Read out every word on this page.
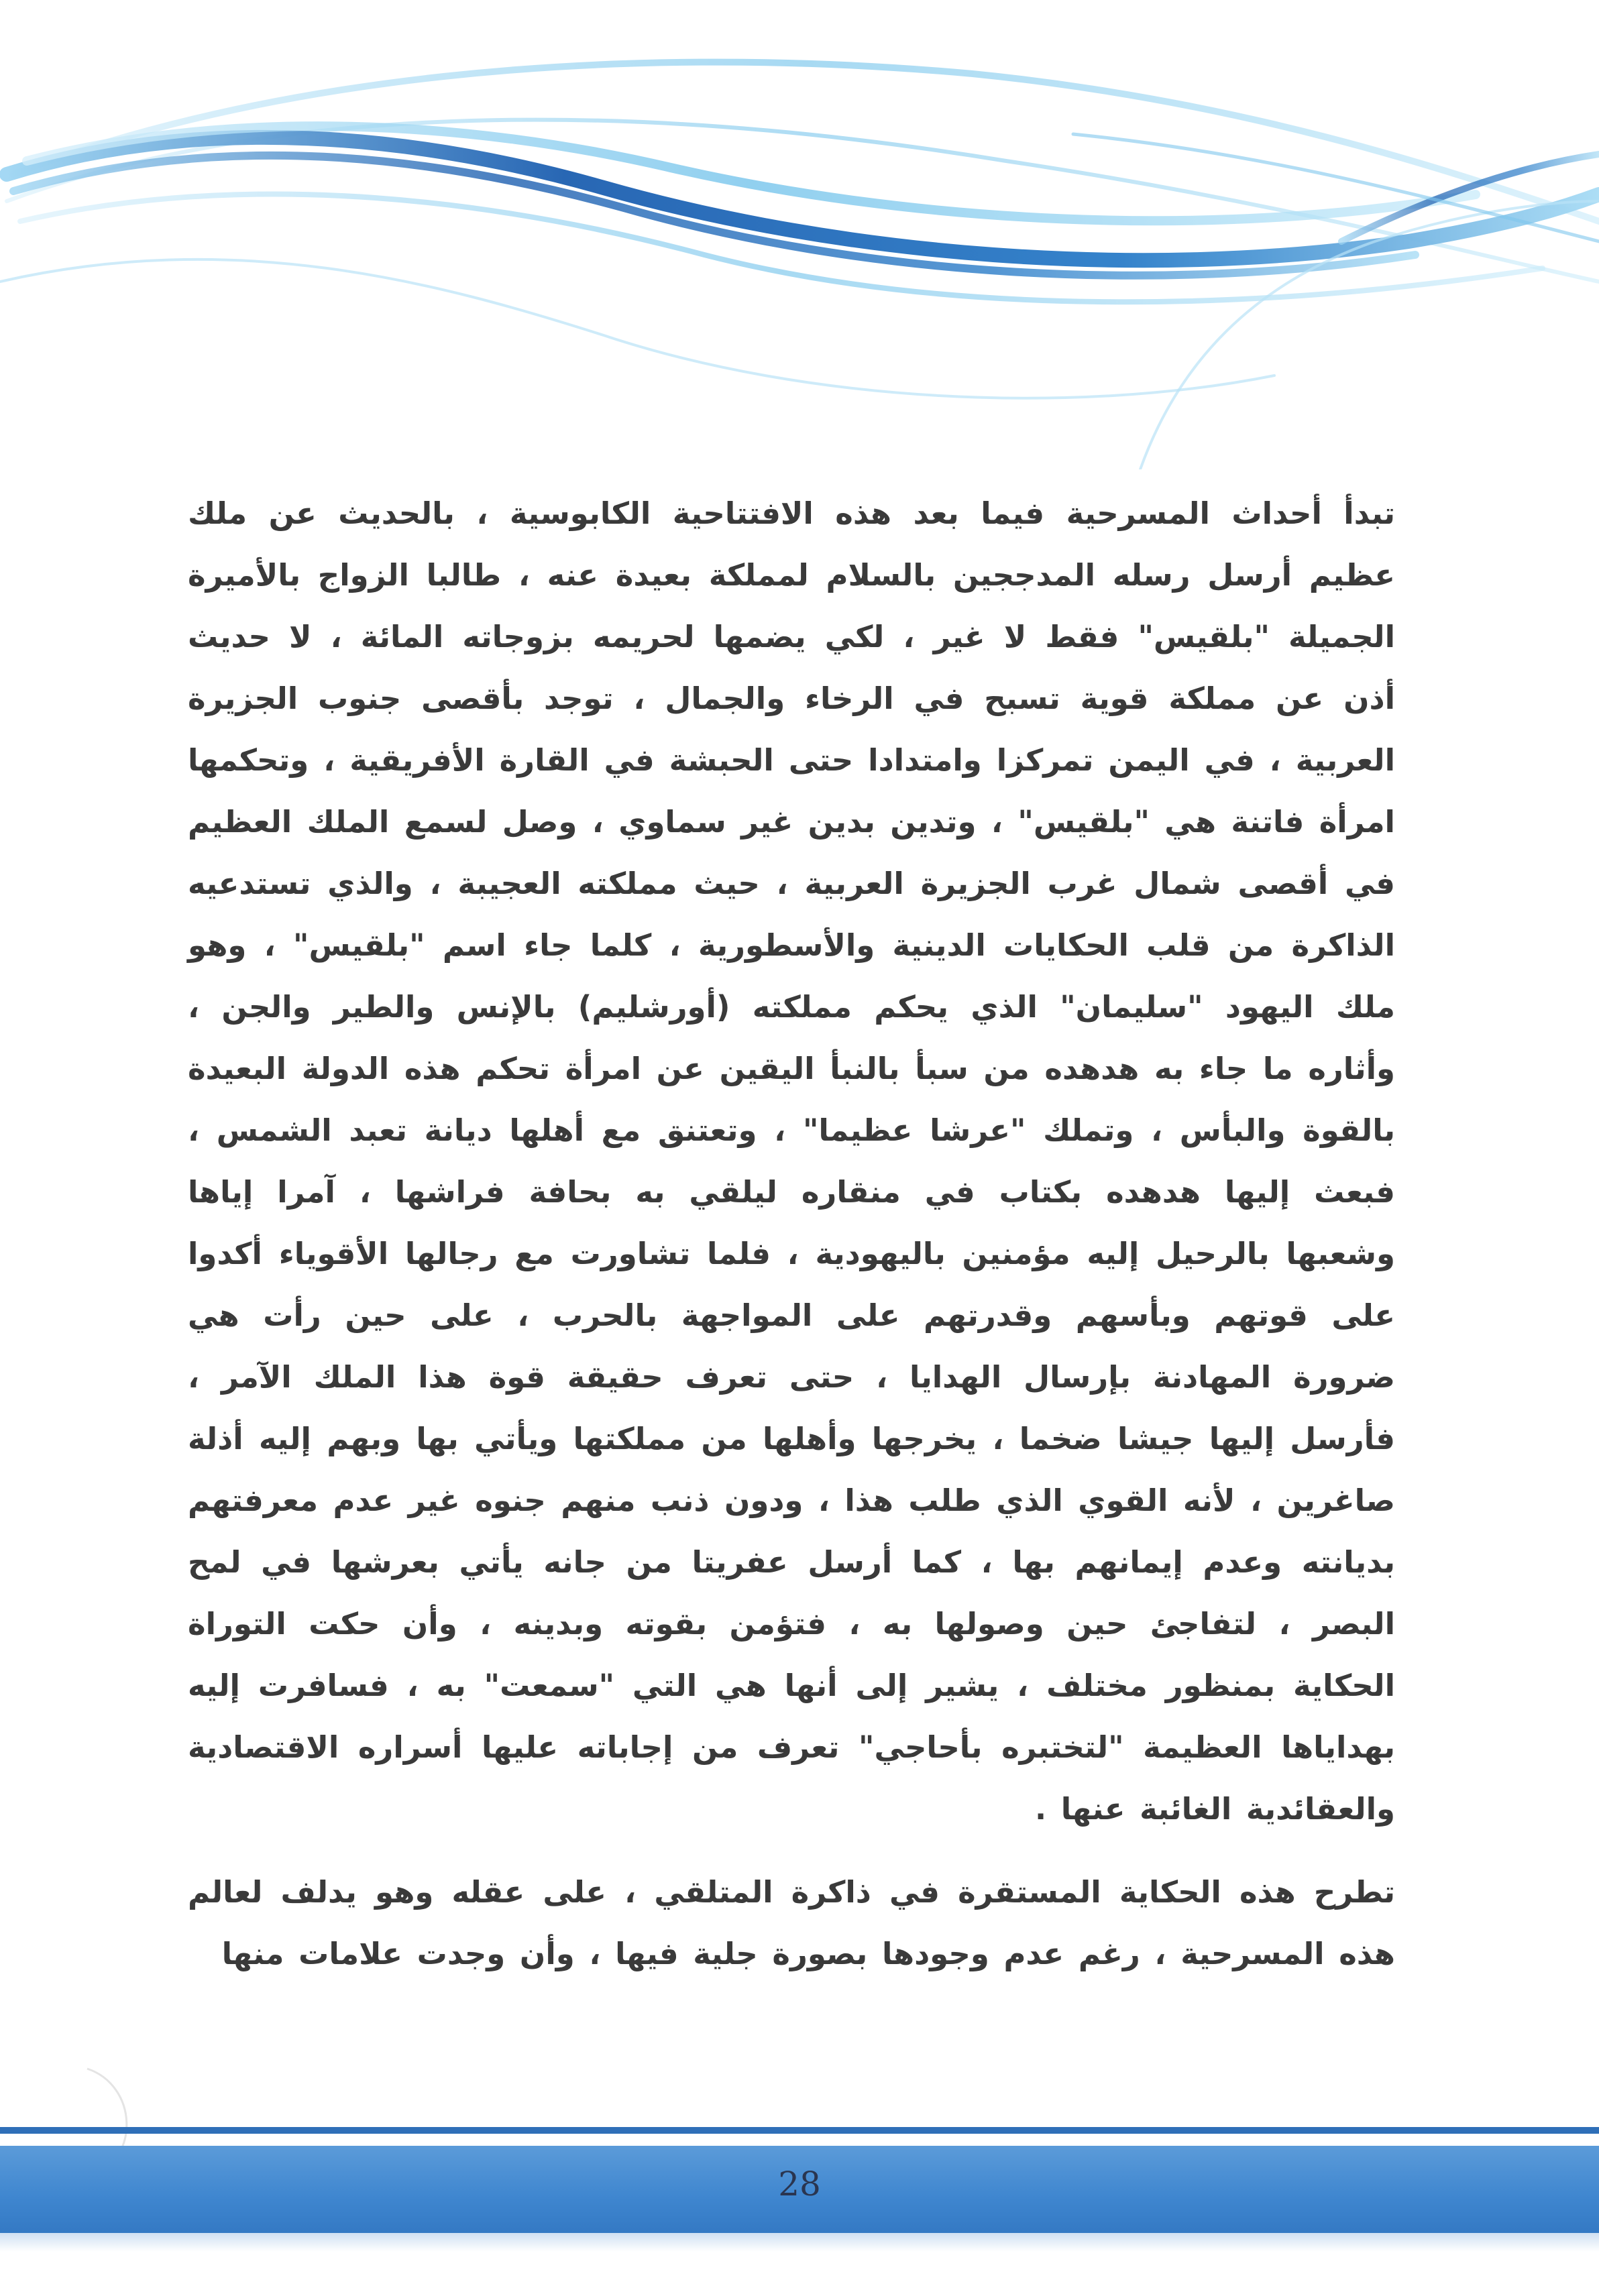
تبدأ أحداث المسرحية فيما بعد هذه الافتتاحية الكابوسية ، بالحديث عن ملك عظيم أرسل رسله المدججين بالسلام لمملكة بعيدة عنه ، طالبا الزواج بالأميرة الجميلة "بلقيس" فقط لا غير ، لكي يضمها لحريمه بزوجاته المائة ، لا حديث أذن عن مملكة قوية تسبح في الرخاء والجمال ، توجد بأقصى جنوب الجزيرة العربية ، في اليمن تمركزا وامتدادا حتى الحبشة في القارة الأفريقية ، وتحكمها امرأة فاتنة هي "بلقيس" ، وتدين بدين غير سماوي ، وصل لسمع الملك العظيم في أقصى شمال غرب الجزيرة العربية ، حيث مملكته العجيبة ، والذي تستدعيه الذاكرة من قلب الحكايات الدينية والأسطورية ، كلما جاء اسم "بلقيس" ، وهو ملك اليهود "سليمان" الذي يحكم مملكته (أورشليم) بالإنس والطير والجن ، وأثاره ما جاء به هدهده من سبأ بالنبأ اليقين عن امرأة تحكم هذه الدولة البعيدة بالقوة والبأس ، وتملك "عرشا عظيما" ، وتعتنق مع أهلها ديانة تعبد الشمس ، فبعث إليها هدهده بكتاب في منقاره ليلقي به بحافة فراشها ، آمرا إياها وشعبها بالرحيل إليه مؤمنين باليهودية ، فلما تشاورت مع رجالها الأقوياء أكدوا على قوتهم وبأسهم وقدرتهم على المواجهة بالحرب ، على حين رأت هي ضرورة المهادنة بإرسال الهدايا ، حتى تعرف حقيقة قوة هذا الملك الآمر ، فأرسل إليها جيشا ضخما ، يخرجها وأهلها من مملكتها ويأتي بها وبهم إليه أذلة صاغرين ، لأنه القوي الذي طلب هذا ، ودون ذنب منهم جنوه غير عدم معرفتهم بديانته وعدم إيمانهم بها ، كما أرسل عفريتا من جانه يأتي بعرشها في لمح البصر ، لتفاجئ حين وصولها به ، فتؤمن بقوته وبدينه ، وأن حكت التوراة الحكاية بمنظور مختلف ، يشير إلى أنها هي التي "سمعت" به ، فسافرت إليه بهداياها العظيمة "لتختبره بأحاجي" تعرف من إجاباته عليها أسراره الاقتصادية والعقائدية الغائبة عنها .

تطرح هذه الحكاية المستقرة في ذاكرة المتلقي ، على عقله وهو يدلف لعالم هذه المسرحية ، رغم عدم وجودها بصورة جلية فيها ، وأن وجدت علامات منها

28
